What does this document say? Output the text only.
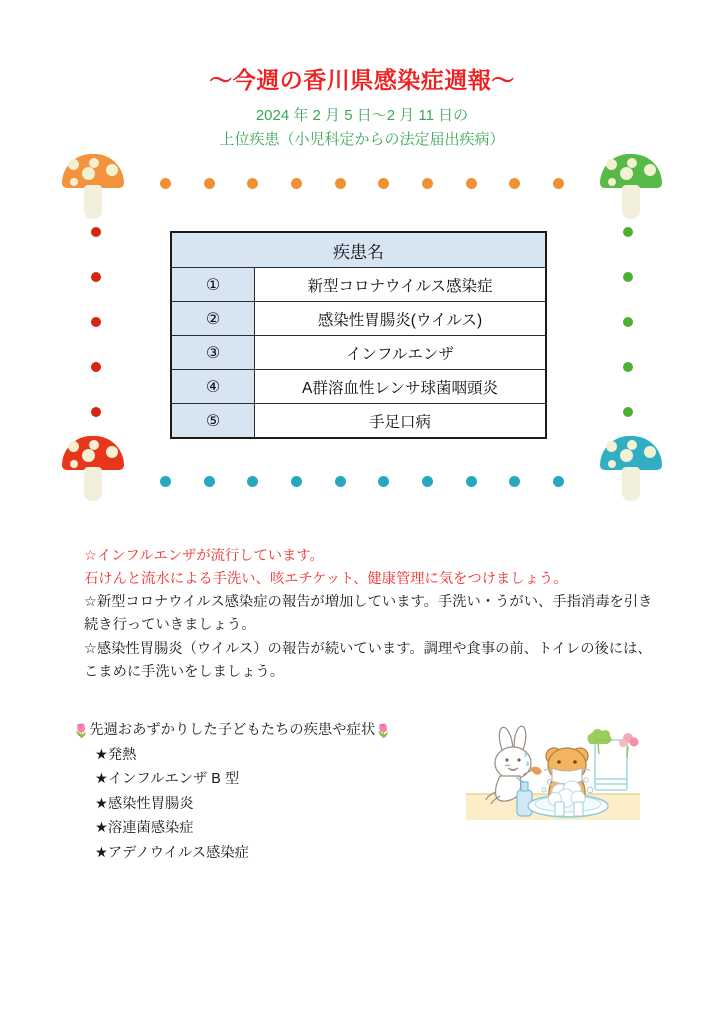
〜今週の香川県感染症週報〜
2024 年 2 月 5 日〜2 月 11 日の
上位疾患（小児科定からの法定届出疾病）
疾患名	
①	新型コロナウイルス感染症
②	感染性胃腸炎(ウイルス)
③	インフルエンザ
④	A群溶血性レンサ球菌咽頭炎
⑤	手足口病

☆インフルエンザが流行しています。

石けんと流水による手洗い、咳エチケット、健康管理に気をつけましょう。

☆新型コロナウイルス感染症の報告が増加しています。手洗い・うがい、手指消毒を引き続き行っていきましょう。

☆感染性胃腸炎（ウイルス）の報告が続いています。調理や食事の前、トイレの後には、こまめに手洗いをしましょう。

🌷先週おあずかりした子どもたちの疾患や症状🌷
★発熱
★インフルエンザ B 型
★感染性胃腸炎
★溶連菌感染症
★アデノウイルス感染症
